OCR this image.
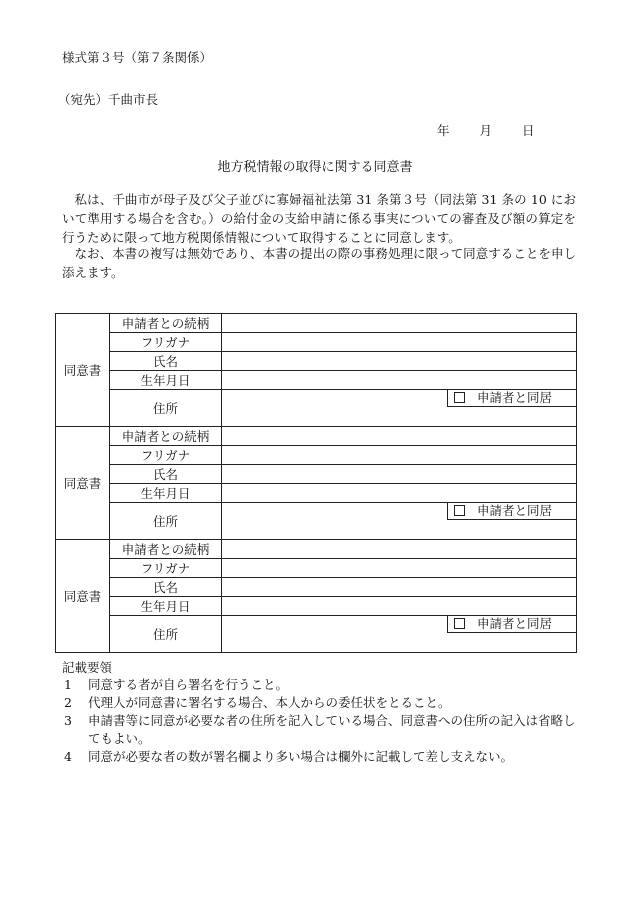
様式第３号（第７条関係）
（宛先）千曲市長
年 月 日
地方税情報の取得に関する同意書
私は、千曲市が母子及び父子並びに寡婦福祉法第 31 条第３号（同法第 31 条の 10 において準用する場合を含む。）の給付金の支給申請に係る事実についての審査及び額の算定を行うために限って地方税関係情報について取得することに同意します。
なお、本書の複写は無効であり、本書の提出の際の事務処理に限って同意することを申し添えます。
同意書	申請者との続柄	
	フリガナ	
	氏名	
	生年月日	
	住所	申請者と同居

同意書	申請者との続柄	
	フリガナ	
	氏名	
	生年月日	
	住所	申請者と同居

同意書	申請者との続柄	
	フリガナ	
	氏名	
	生年月日	
	住所	申請者と同居
記載要領
1 同意する者が自ら署名を行うこと。
2 代理人が同意書に署名する場合、本人からの委任状をとること。
3 申請書等に同意が必要な者の住所を記入している場合、同意書への住所の記入は省略してもよい。
4 同意が必要な者の数が署名欄より多い場合は欄外に記載して差し支えない。
